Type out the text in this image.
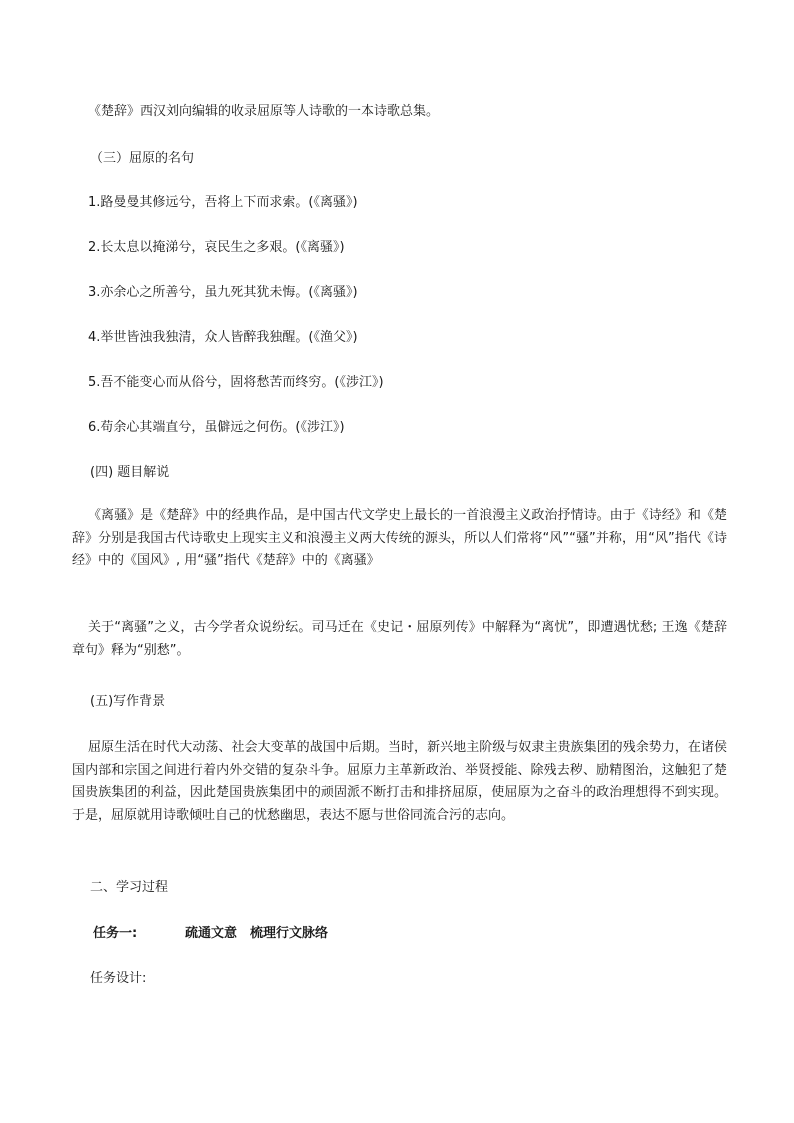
《楚辞》西汉刘向编辑的收录屈原等人诗歌的一本诗歌总集。
（三）屈原的名句
1.路曼曼其修远兮，吾将上下而求索。(《离骚》)
2.长太息以掩涕兮，哀民生之多艰。(《离骚》)
3.亦余心之所善兮，虽九死其犹未悔。(《离骚》)
4.举世皆浊我独清，众人皆醉我独醒。(《渔父》)
5.吾不能变心而从俗兮，固将愁苦而终穷。(《涉江》)
6.苟余心其端直兮，虽僻远之何伤。(《涉江》)
(四) 题目解说
《离骚》是《楚辞》中的经典作品，是中国古代文学史上最长的一首浪漫主义政治抒情诗。由于《诗经》和《楚辞》分别是我国古代诗歌史上现实主义和浪漫主义两大传统的源头，所以人们常将“风”“骚”并称，用“风”指代《诗经》中的《国风》, 用“骚”指代《楚辞》中的《离骚》
关于“离骚”之义，古今学者众说纷纭。司马迁在《史记・屈原列传》中解释为“离忧”，即遭遇忧愁; 王逸《楚辞章句》释为“别愁”。
(五)写作背景
屈原生活在时代大动荡、社会大变革的战国中后期。当时，新兴地主阶级与奴隶主贵族集团的残余势力，在诸侯国内部和宗国之间进行着内外交错的复杂斗争。屈原力主革新政治、举贤授能、除残去秽、励精图治，这触犯了楚国贵族集团的利益，因此楚国贵族集团中的顽固派不断打击和排挤屈原，使屈原为之奋斗的政治理想得不到实现。于是，屈原就用诗歌倾吐自己的忧愁幽思，表达不愿与世俗同流合污的志向。
二、学习过程
任务一:	疏通文意　梳理行文脉络
任务设计:
